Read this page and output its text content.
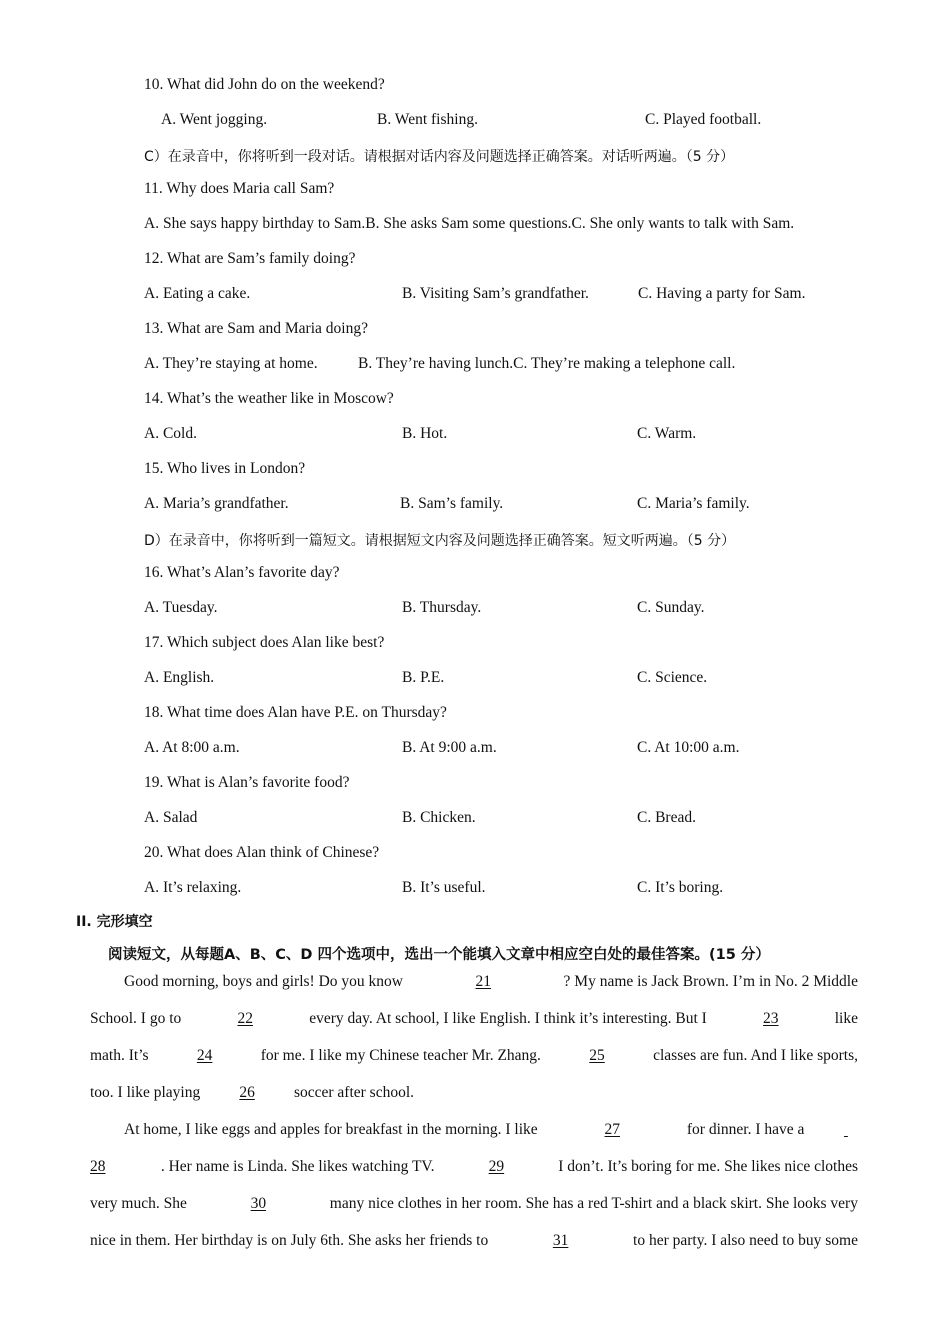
10. What did John do on the weekend?
A. Went jogging.	B. Went fishing.	C. Played football.
C）在录音中，你将听到一段对话。请根据对话内容及问题选择正确答案。对话听两遍。（5 分）
11. Why does Maria call Sam?
A. She says happy birthday to Sam.B. She asks Sam some questions.C. She only wants to talk with Sam.
12. What are Sam’s family doing?
A. Eating a cake.	B. Visiting Sam’s grandfather.	C. Having a party for Sam.
13. What are Sam and Maria doing?
A. They’re staying at home.	B. They’re having lunch.C. They’re making a telephone call.
14. What’s the weather like in Moscow?
A. Cold.	B. Hot.	C. Warm.
15. Who lives in London?
A. Maria’s grandfather.	B. Sam’s family.	C. Maria’s family.
D）在录音中，你将听到一篇短文。请根据短文内容及问题选择正确答案。短文听两遍。（5 分）
16. What’s Alan’s favorite day?
A. Tuesday.	B. Thursday.	C. Sunday.
17. Which subject does Alan like best?
A. English.	B. P.E.	C. Science.
18. What time does Alan have P.E. on Thursday?
A. At 8:00 a.m.	B. At 9:00 a.m.	C. At 10:00 a.m.
19. What is Alan’s favorite food?
A. Salad	B. Chicken.	C. Bread.
20. What does Alan think of Chinese?
A. It’s relaxing.	B. It’s useful.	C. It’s boring.
II. 完形填空
阅读短文，从每题A、B、C、D 四个选项中，选出一个能填入文章中相应空白处的最佳答案。(15 分）
Good morning, boys and girls! Do you know	21	? My name is Jack Brown. I’m in No. 2 Middle
School. I go to	22	every day. At school, I like English. I think it’s interesting. But I	23	like
math. It’s	24	for me. I like my Chinese teacher Mr. Zhang.	25	classes are fun. And I like sports,
too. I like playing	26	soccer after school.
At home, I like eggs and apples for breakfast in the morning. I like	27	for dinner. I have a

28	. Her name is Linda. She likes watching TV.	29	I don’t. It’s boring for me. She likes nice clothes
very much. She	30	many nice clothes in her room. She has a red T-shirt and a black skirt. She looks very
nice in them. Her birthday is on July 6th. She asks her friends to	31	to her party. I also need to buy some
